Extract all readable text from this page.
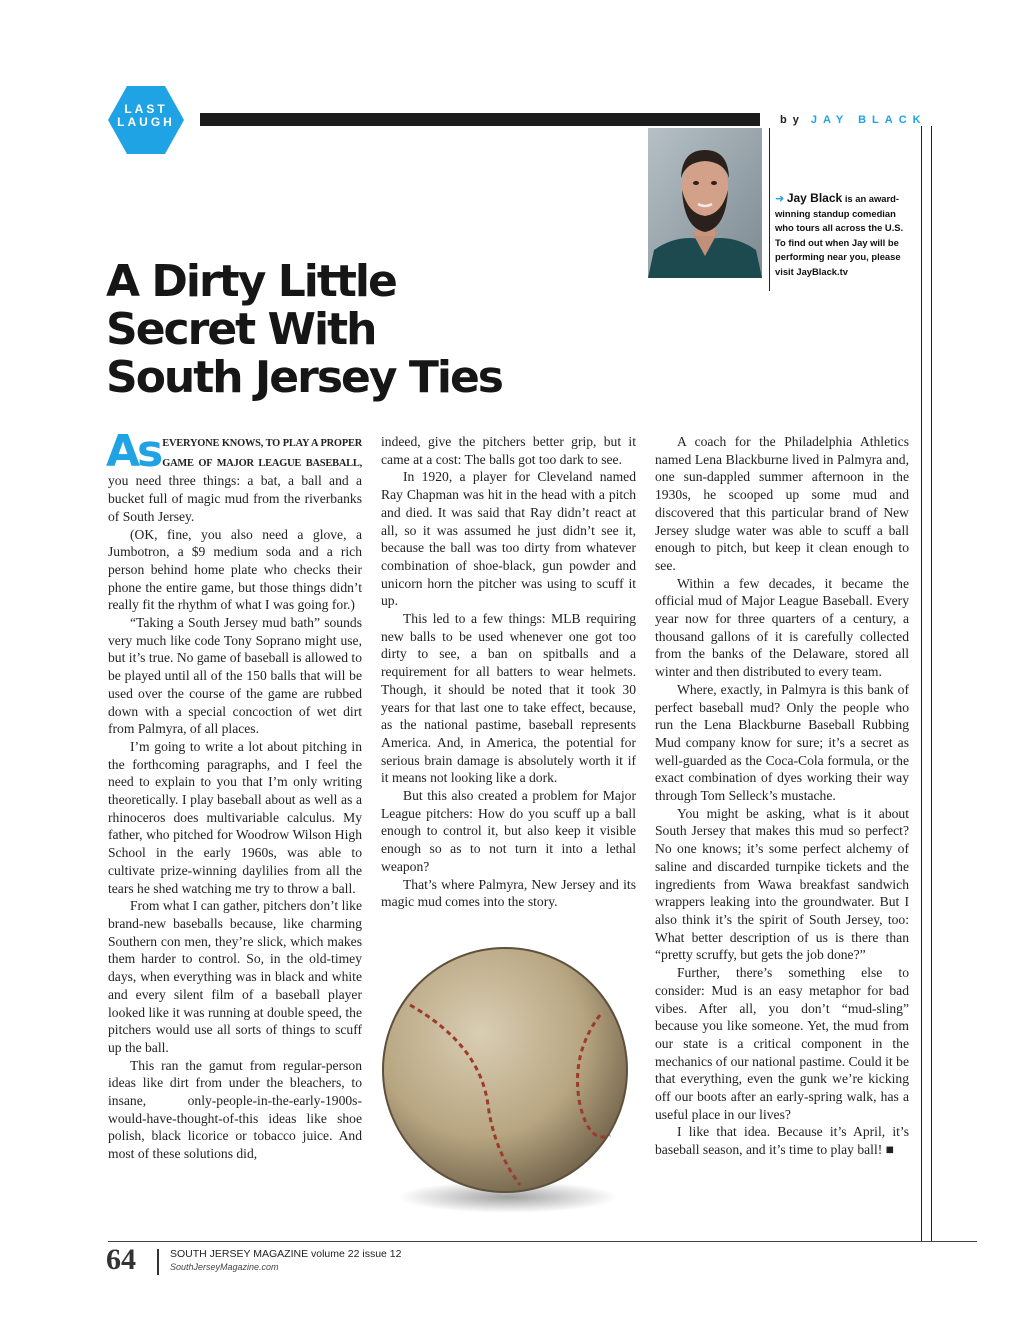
LAST
LAUGH	by JAY BLACK
➜ Jay Black is an award-winning standup comedian who tours all across the U.S. To find out when Jay will be performing near you, please visit JayBlack.tv
A Dirty Little
Secret With
South Jersey Ties

As EVERYONE KNOWS, TO PLAY A PROPER GAME OF MAJOR LEAGUE BASEBALL, you need three things: a bat, a ball and a bucket full of magic mud from the riverbanks of South Jersey.

(OK, fine, you also need a glove, a Jumbotron, a $9 medium soda and a rich person behind home plate who checks their phone the entire game, but those things didn’t really fit the rhythm of what I was going for.)

“Taking a South Jersey mud bath” sounds very much like code Tony Soprano might use, but it’s true. No game of baseball is allowed to be played until all of the 150 balls that will be used over the course of the game are rubbed down with a special concoction of wet dirt from Palmyra, of all places.

I’m going to write a lot about pitching in the forthcoming paragraphs, and I feel the need to explain to you that I’m only writing theoretically. I play baseball about as well as a rhinoceros does multivariable calculus. My father, who pitched for Woodrow Wilson High School in the early 1960s, was able to cultivate prize-winning daylilies from all the tears he shed watching me try to throw a ball.

From what I can gather, pitchers don’t like brand-new baseballs because, like charming Southern con men, they’re slick, which makes them harder to control. So, in the old-timey days, when everything was in black and white and every silent film of a baseball player looked like it was running at double speed, the pitchers would use all sorts of things to scuff up the ball.

This ran the gamut from regular-person ideas like dirt from under the bleachers, to insane, only-people-in-the-early-1900s-would-have-thought-of-this ideas like shoe polish, black licorice or tobacco juice. And most of these solutions did,

indeed, give the pitchers better grip, but it came at a cost: The balls got too dark to see.

In 1920, a player for Cleveland named Ray Chapman was hit in the head with a pitch and died. It was said that Ray didn’t react at all, so it was assumed he just didn’t see it, because the ball was too dirty from whatever combination of shoe-black, gun powder and unicorn horn the pitcher was using to scuff it up.

This led to a few things: MLB requiring new balls to be used whenever one got too dirty to see, a ban on spitballs and a requirement for all batters to wear helmets. Though, it should be noted that it took 30 years for that last one to take effect, because, as the national pastime, baseball represents America. And, in America, the potential for serious brain damage is absolutely worth it if it means not looking like a dork.

But this also created a problem for Major League pitchers: How do you scuff up a ball enough to control it, but also keep it visible enough so as to not turn it into a lethal weapon?

That’s where Palmyra, New Jersey and its magic mud comes into the story.

A coach for the Philadelphia Athletics named Lena Blackburne lived in Palmyra and, one sun-dappled summer afternoon in the 1930s, he scooped up some mud and discovered that this particular brand of New Jersey sludge water was able to scuff a ball enough to pitch, but keep it clean enough to see.

Within a few decades, it became the official mud of Major League Baseball. Every year now for three quarters of a century, a thousand gallons of it is carefully collected from the banks of the Delaware, stored all winter and then distributed to every team.

Where, exactly, in Palmyra is this bank of perfect baseball mud? Only the people who run the Lena Blackburne Baseball Rubbing Mud company know for sure; it’s a secret as well-guarded as the Coca-Cola formula, or the exact combination of dyes working their way through Tom Selleck’s mustache.

You might be asking, what is it about South Jersey that makes this mud so perfect? No one knows; it’s some perfect alchemy of saline and discarded turnpike tickets and the ingredients from Wawa breakfast sandwich wrappers leaking into the groundwater. But I also think it’s the spirit of South Jersey, too: What better description of us is there than “pretty scruffy, but gets the job done?”

Further, there’s something else to consider: Mud is an easy metaphor for bad vibes. After all, you don’t “mud-sling” because you like someone. Yet, the mud from our state is a critical component in the mechanics of our national pastime. Could it be that everything, even the gunk we’re kicking off our boots after an early-spring walk, has a useful place in our lives?

I like that idea. Because it’s April, it’s baseball season, and it’s time to play ball! ■

64	SOUTH JERSEY MAGAZINE volume 22 issue 12
SouthJerseyMagazine.com
